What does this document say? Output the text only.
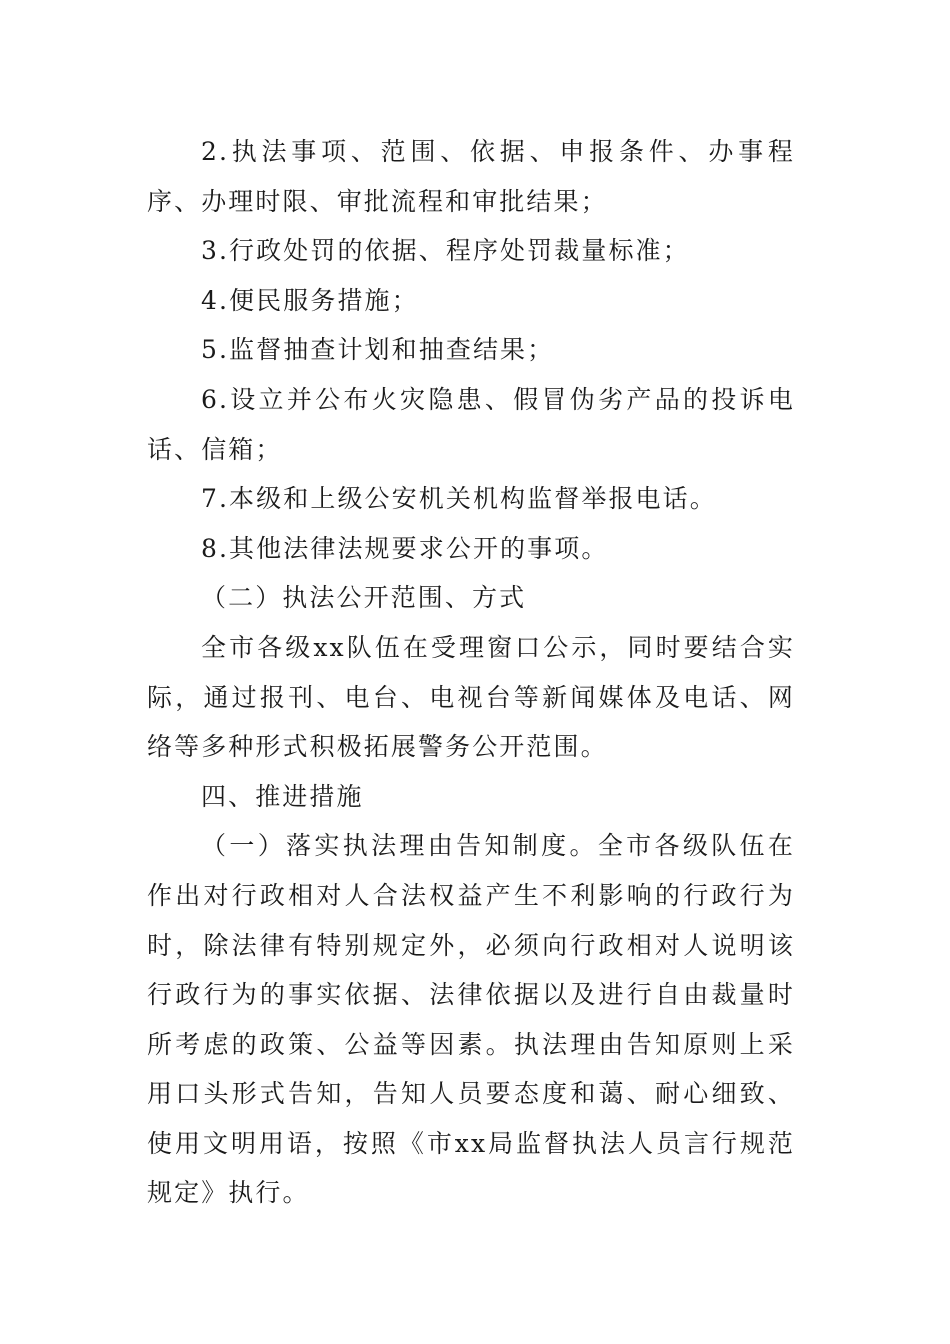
2.执法事项、范围、依据、申报条件、办事程序、办理时限、审批流程和审批结果；

3.行政处罚的依据、程序处罚裁量标准；

4.便民服务措施；

5.监督抽查计划和抽查结果；

6.设立并公布火灾隐患、假冒伪劣产品的投诉电话、信箱；

7.本级和上级公安机关机构监督举报电话。

8.其他法律法规要求公开的事项。

（二）执法公开范围、方式

全市各级xx队伍在受理窗口公示，同时要结合实际，通过报刊、电台、电视台等新闻媒体及电话、网络等多种形式积极拓展警务公开范围。

四、推进措施

（一）落实执法理由告知制度。全市各级队伍在作出对行政相对人合法权益产生不利影响的行政行为时，除法律有特别规定外，必须向行政相对人说明该行政行为的事实依据、法律依据以及进行自由裁量时所考虑的政策、公益等因素。执法理由告知原则上采用口头形式告知，告知人员要态度和蔼、耐心细致、使用文明用语，按照《市xx局监督执法人员言行规范规定》执行。
